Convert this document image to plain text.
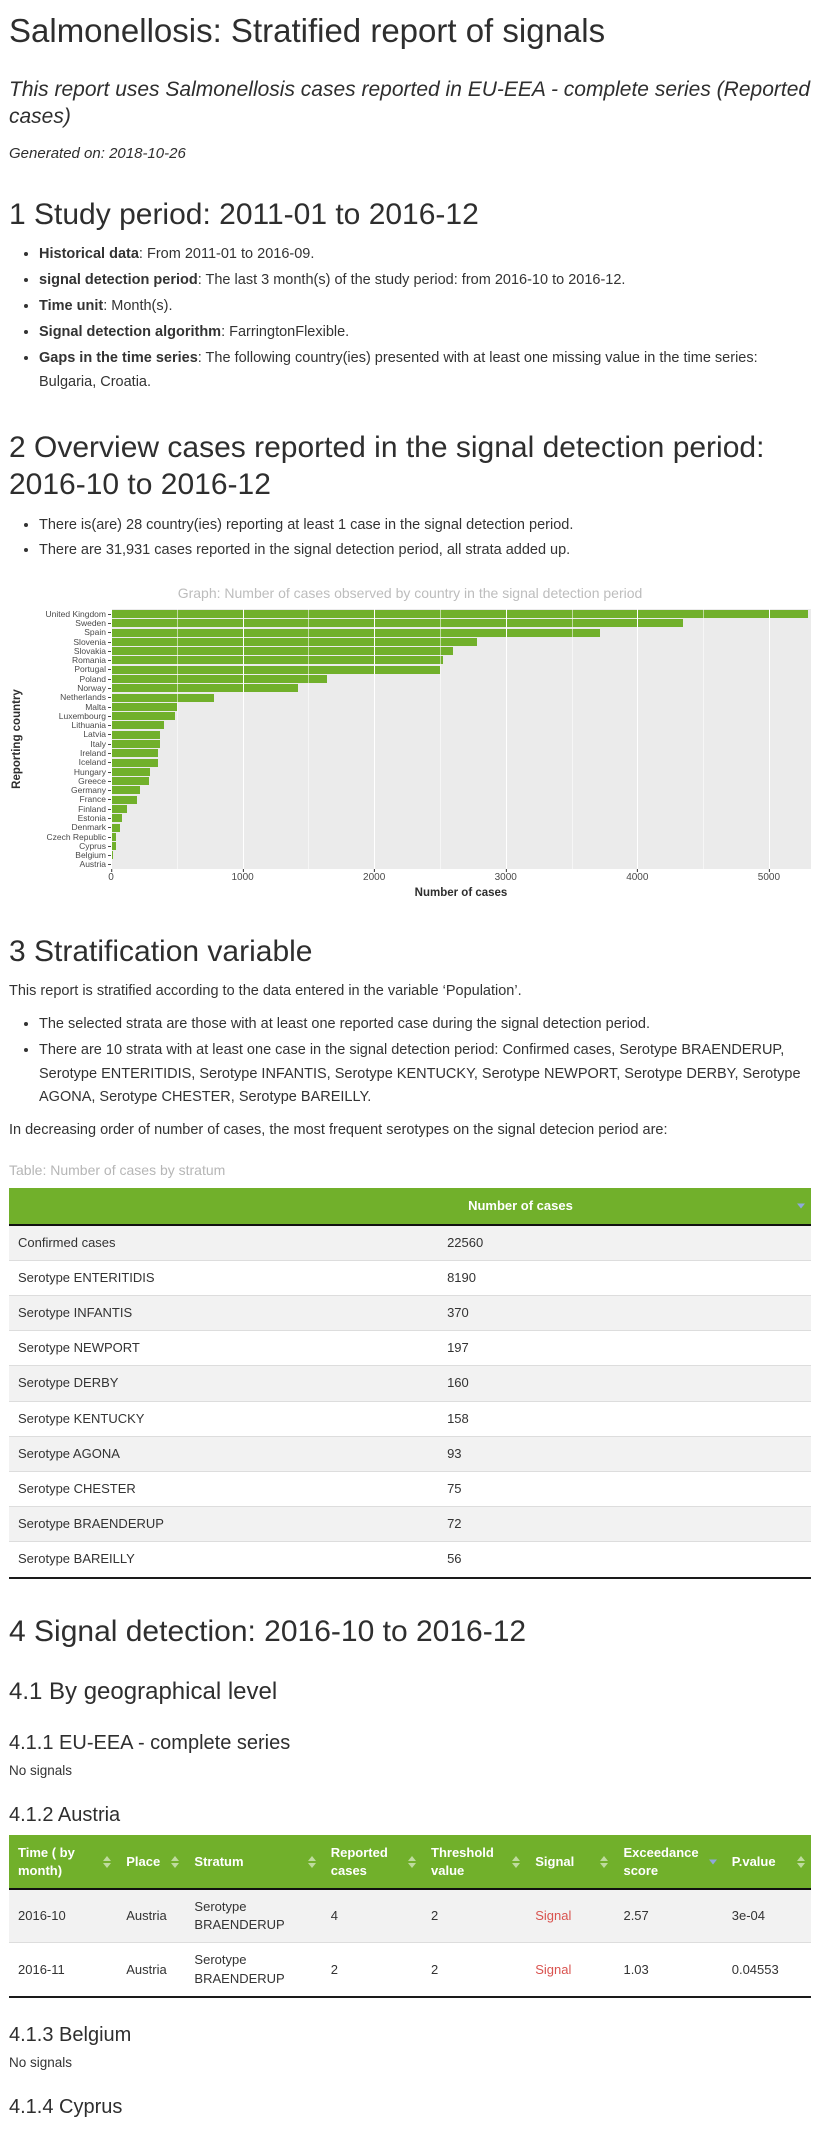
Salmonellosis: Stratified report of signals
This report uses Salmonellosis cases reported in EU-EEA - complete series (Reported cases)

Generated on: 2018-10-26

1 Study period: 2011-01 to 2016-12
• Historical data: From 2011-01 to 2016-09.
• signal detection period: The last 3 month(s) of the study period: from 2016-10 to 2016-12.
• Time unit: Month(s).
• Signal detection algorithm: FarringtonFlexible.
• Gaps in the time series: The following country(ies) presented with at least one missing value in the time series: Bulgaria, Croatia.
2 Overview cases reported in the signal detection period: 2016-10 to 2016-12
• There is(are) 28 country(ies) reporting at least 1 case in the signal detection period.
• There are 31,931 cases reported in the signal detection period, all strata added up.
Graph: Number of cases observed by country in the signal detection period
Reporting country
United Kingdom
Sweden
Spain
Slovenia
Slovakia
Romania
Portugal
Poland
Norway
Netherlands
Malta
Luxembourg
Lithuania
Latvia
Italy
Ireland
Iceland
Hungary
Greece
Germany
France
Finland
Estonia
Denmark
Czech Republic
Cyprus
Belgium
Austria
0	1000	2000	3000	4000	5000
Number of cases
3 Stratification variable

This report is stratified according to the data entered in the variable ‘Population’.

• The selected strata are those with at least one reported case during the signal detection period.
• There are 10 strata with at least one case in the signal detection period: Confirmed cases, Serotype BRAENDERUP, Serotype ENTERITIDIS, Serotype INFANTIS, Serotype KENTUCKY, Serotype NEWPORT, Serotype DERBY, Serotype AGONA, Serotype CHESTER, Serotype BAREILLY.

In decreasing order of number of cases, the most frequent serotypes on the signal detecion period are:

Table: Number of cases by stratum

	Number of cases

Confirmed cases	22560
Serotype ENTERITIDIS	8190
Serotype INFANTIS	370
Serotype NEWPORT	197
Serotype DERBY	160
Serotype KENTUCKY	158
Serotype AGONA	93
Serotype CHESTER	75
Serotype BRAENDERUP	72
Serotype BAREILLY	56
4 Signal detection: 2016-10 to 2016-12
4.1 By geographical level
4.1.1 EU-EEA - complete series

No signals

4.1.2 Austria
Time ( by month)	Place	Stratum	Reported cases	Threshold value	Signal	Exceedance score	P.value

2016-10	Austria	Serotype BRAENDERUP	4	2	Signal	2.57	3e-04
2016-11	Austria	Serotype BRAENDERUP	2	2	Signal	1.03	0.04553
4.1.3 Belgium

No signals

4.1.4 Cyprus
